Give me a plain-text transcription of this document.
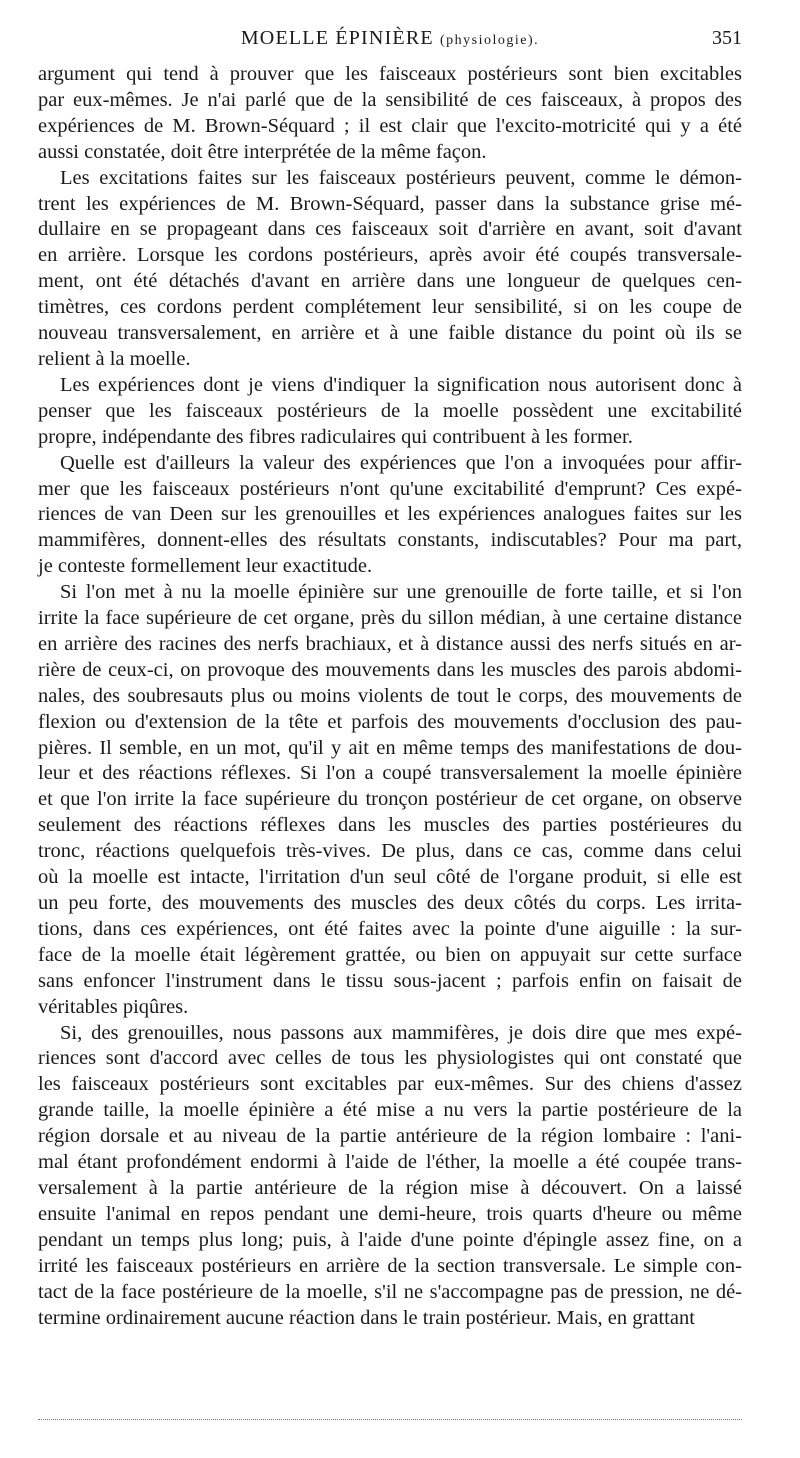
MOELLE ÉPINIÈRE (physiologie).	351

argument qui tend à prouver que les faisceaux postérieurs sont bien excitables
par eux-mêmes. Je n'ai parlé que de la sensibilité de ces faisceaux, à propos des
expériences de M. Brown-Séquard ; il est clair que l'excito-motricité qui y a été
aussi constatée, doit être interprétée de la même façon.

Les excitations faites sur les faisceaux postérieurs peuvent, comme le démon-
trent les expériences de M. Brown-Séquard, passer dans la substance grise mé-
dullaire en se propageant dans ces faisceaux soit d'arrière en avant, soit d'avant
en arrière. Lorsque les cordons postérieurs, après avoir été coupés transversale-
ment, ont été détachés d'avant en arrière dans une longueur de quelques cen-
timètres, ces cordons perdent complétement leur sensibilité, si on les coupe de
nouveau transversalement, en arrière et à une faible distance du point où ils se
relient à la moelle.

Les expériences dont je viens d'indiquer la signification nous autorisent donc à
penser que les faisceaux postérieurs de la moelle possèdent une excitabilité
propre, indépendante des fibres radiculaires qui contribuent à les former.

Quelle est d'ailleurs la valeur des expériences que l'on a invoquées pour affir-
mer que les faisceaux postérieurs n'ont qu'une excitabilité d'emprunt? Ces expé-
riences de van Deen sur les grenouilles et les expériences analogues faites sur les
mammifères, donnent-elles des résultats constants, indiscutables? Pour ma part,
je conteste formellement leur exactitude.

Si l'on met à nu la moelle épinière sur une grenouille de forte taille, et si l'on
irrite la face supérieure de cet organe, près du sillon médian, à une certaine distance
en arrière des racines des nerfs brachiaux, et à distance aussi des nerfs situés en ar-
rière de ceux-ci, on provoque des mouvements dans les muscles des parois abdomi-
nales, des soubresauts plus ou moins violents de tout le corps, des mouvements de
flexion ou d'extension de la tête et parfois des mouvements d'occlusion des pau-
pières. Il semble, en un mot, qu'il y ait en même temps des manifestations de dou-
leur et des réactions réflexes. Si l'on a coupé transversalement la moelle épinière
et que l'on irrite la face supérieure du tronçon postérieur de cet organe, on observe
seulement des réactions réflexes dans les muscles des parties postérieures du
tronc, réactions quelquefois très-vives. De plus, dans ce cas, comme dans celui
où la moelle est intacte, l'irritation d'un seul côté de l'organe produit, si elle est
un peu forte, des mouvements des muscles des deux côtés du corps. Les irrita-
tions, dans ces expériences, ont été faites avec la pointe d'une aiguille : la sur-
face de la moelle était légèrement grattée, ou bien on appuyait sur cette surface
sans enfoncer l'instrument dans le tissu sous-jacent ; parfois enfin on faisait de
véritables piqûres.

Si, des grenouilles, nous passons aux mammifères, je dois dire que mes expé-
riences sont d'accord avec celles de tous les physiologistes qui ont constaté que
les faisceaux postérieurs sont excitables par eux-mêmes. Sur des chiens d'assez
grande taille, la moelle épinière a été mise a nu vers la partie postérieure de la
région dorsale et au niveau de la partie antérieure de la région lombaire : l'ani-
mal étant profondément endormi à l'aide de l'éther, la moelle a été coupée trans-
versalement à la partie antérieure de la région mise à découvert. On a laissé
ensuite l'animal en repos pendant une demi-heure, trois quarts d'heure ou même
pendant un temps plus long; puis, à l'aide d'une pointe d'épingle assez fine, on a
irrité les faisceaux postérieurs en arrière de la section transversale. Le simple con-
tact de la face postérieure de la moelle, s'il ne s'accompagne pas de pression, ne dé-
termine ordinairement aucune réaction dans le train postérieur. Mais, en grattant
